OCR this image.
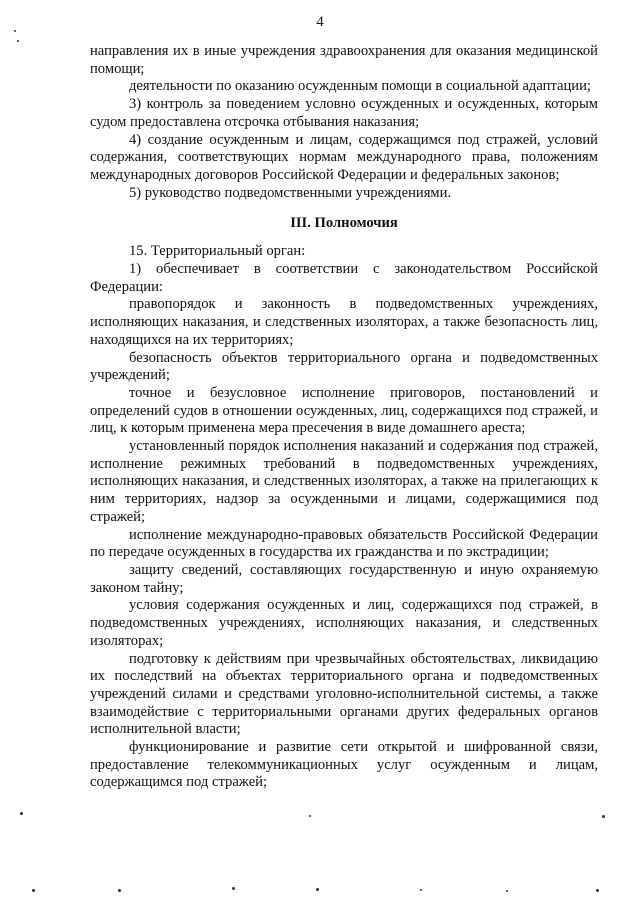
4

направления их в иные учреждения здравоохранения для оказания медицинской помощи;

деятельности по оказанию осужденным помощи в социальной адаптации;

3) контроль за поведением условно осужденных и осужденных, которым судом предоставлена отсрочка отбывания наказания;

4) создание осужденным и лицам, содержащимся под стражей, условий содержания, соответствующих нормам международного права, положениям международных договоров Российской Федерации и федеральных законов;

5) руководство подведомственными учреждениями.

III. Полномочия

15. Территориальный орган:

1) обеспечивает в соответствии с законодательством Российской Федерации:

правопорядок и законность в подведомственных учреждениях, исполняющих наказания, и следственных изоляторах, а также безопасность лиц, находящихся на их территориях;

безопасность объектов территориального органа и подведомственных учреждений;

точное и безусловное исполнение приговоров, постановлений и определений судов в отношении осужденных, лиц, содержащихся под стражей, и лиц, к которым применена мера пресечения в виде домашнего ареста;

установленный порядок исполнения наказаний и содержания под стражей, исполнение режимных требований в подведомственных учреждениях, исполняющих наказания, и следственных изоляторах, а также на прилегающих к ним территориях, надзор за осужденными и лицами, содержащимися под стражей;

исполнение международно-правовых обязательств Российской Федерации по передаче осужденных в государства их гражданства и по экстрадиции;

защиту сведений, составляющих государственную и иную охраняемую законом тайну;

условия содержания осужденных и лиц, содержащихся под стражей, в подведомственных учреждениях, исполняющих наказания, и следственных изоляторах;

подготовку к действиям при чрезвычайных обстоятельствах, ликвидацию их последствий на объектах территориального органа и подведомственных учреждений силами и средствами уголовно-исполнительной системы, а также взаимодействие с территориальными органами других федеральных органов исполнительной власти;

функционирование и развитие сети открытой и шифрованной связи, предоставление телекоммуникационных услуг осужденным и лицам, содержащимся под стражей;
